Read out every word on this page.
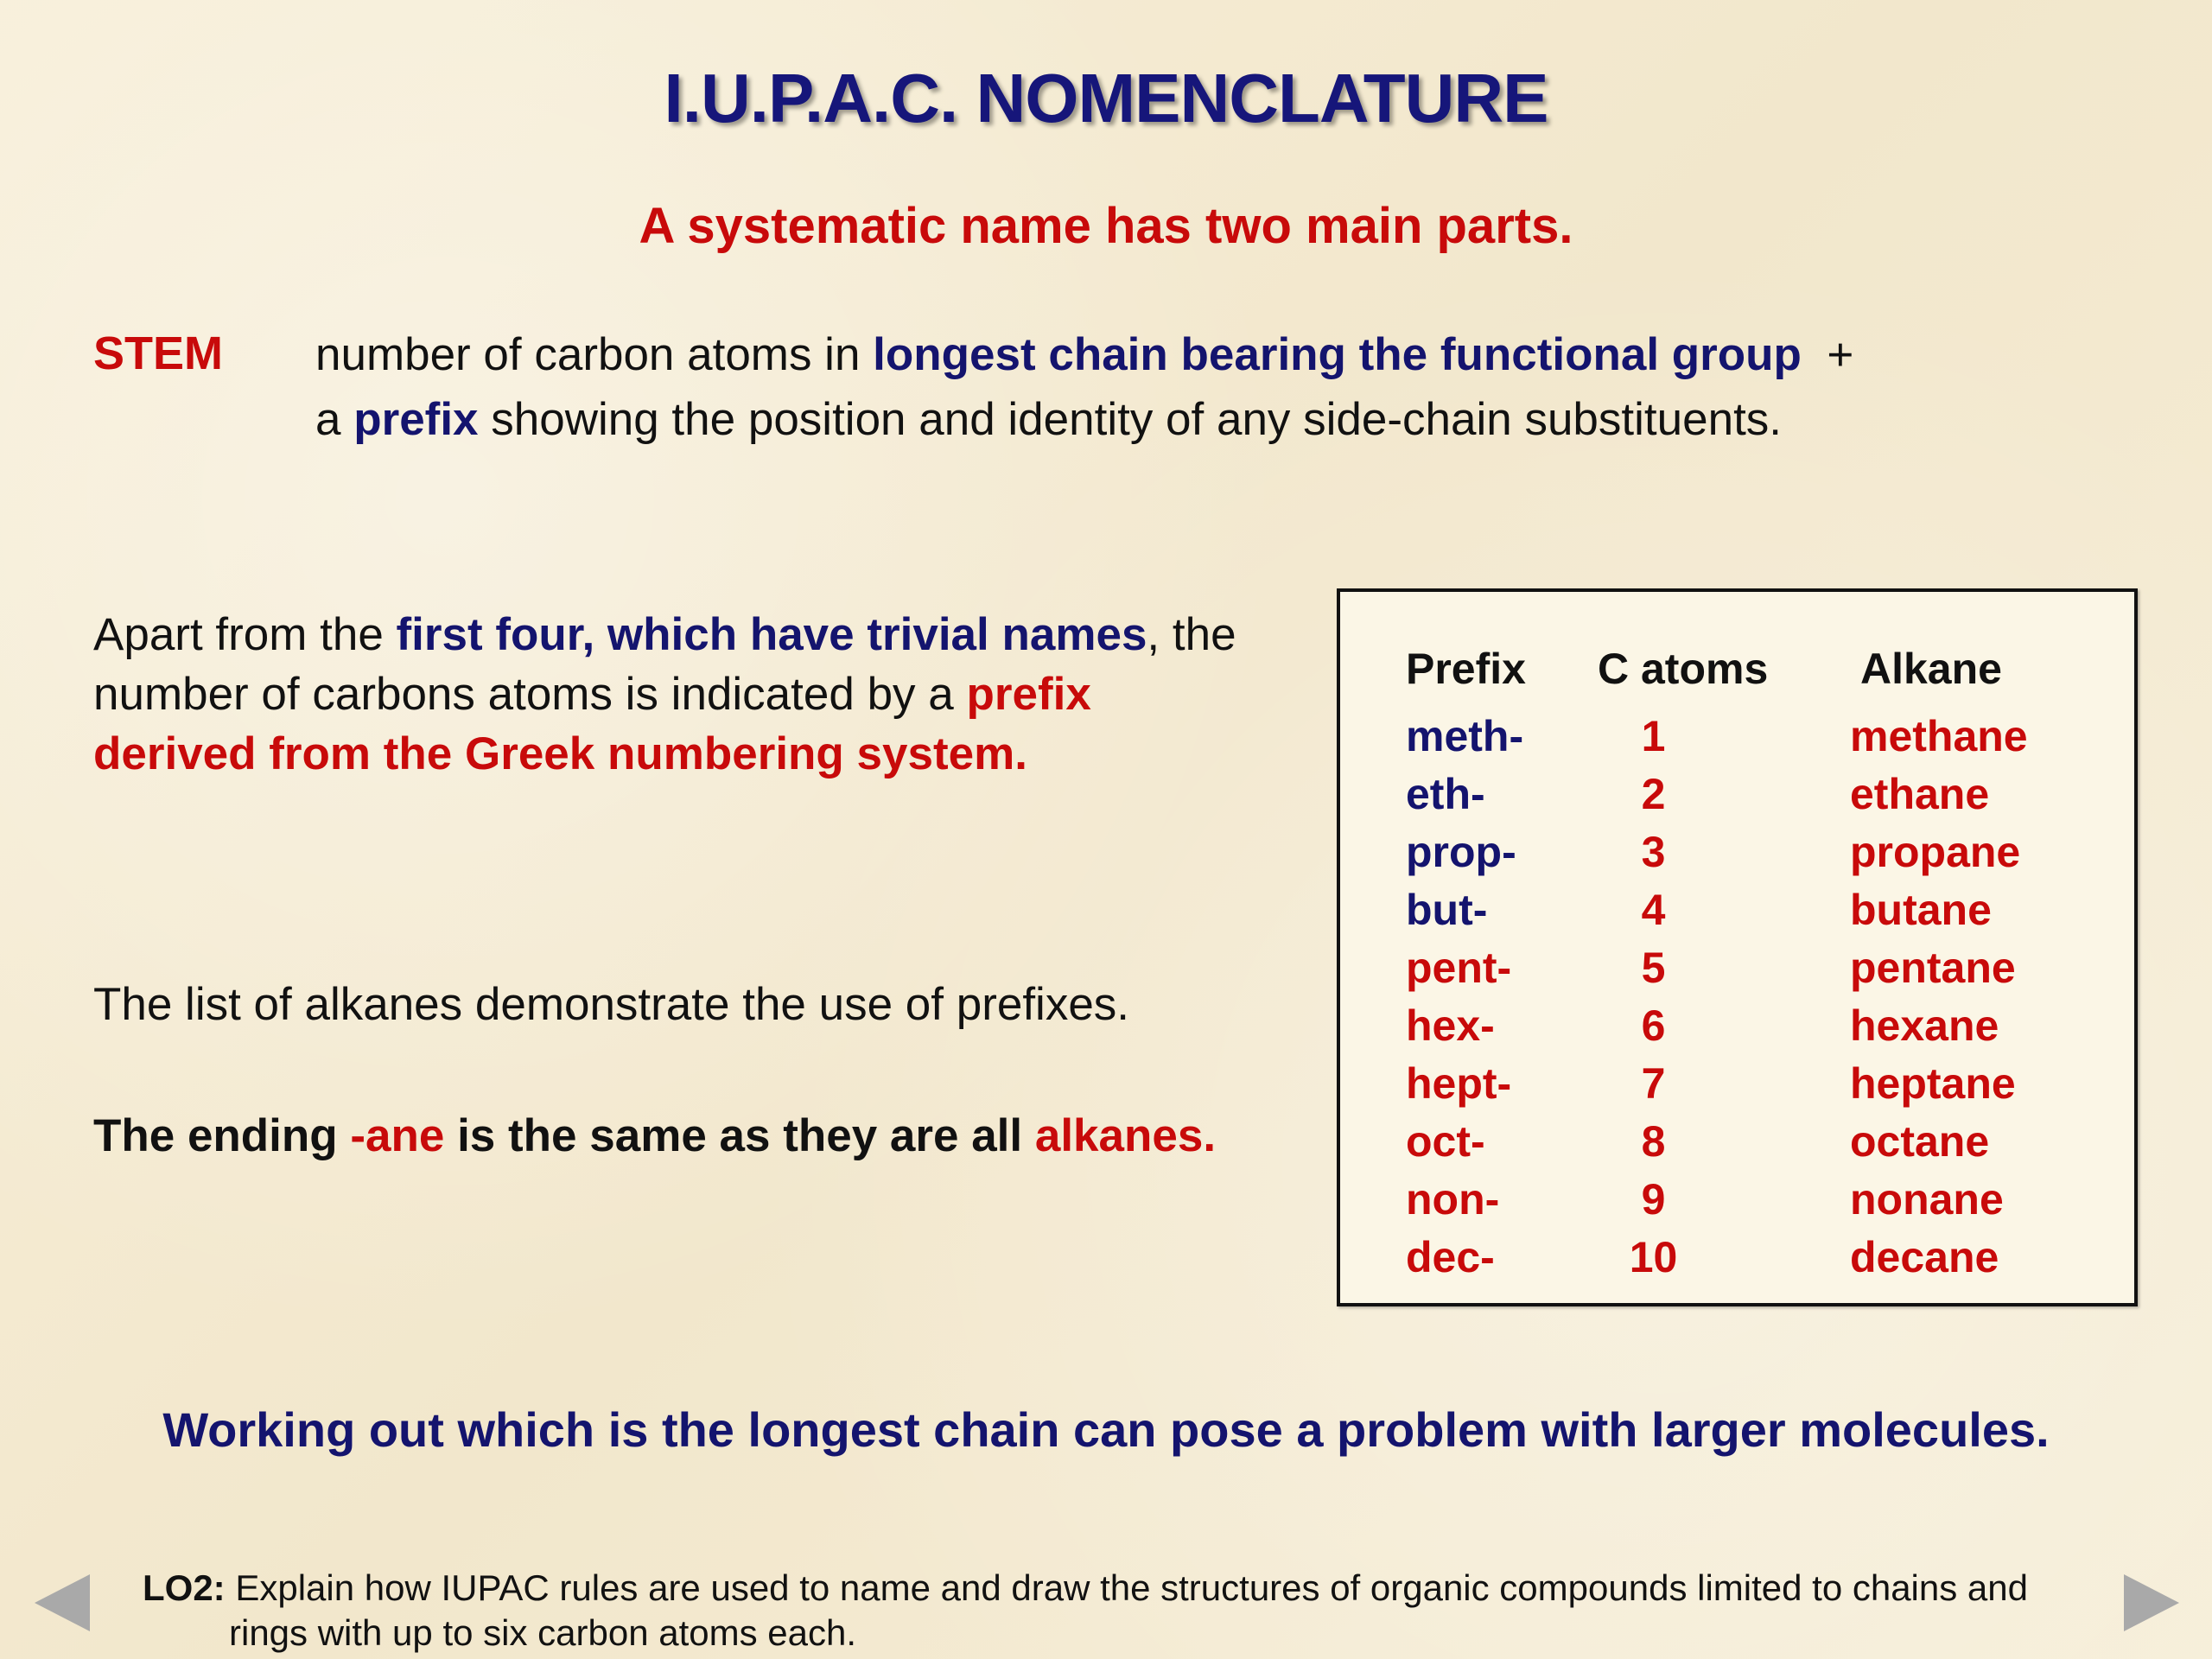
I.U.P.A.C. NOMENCLATURE
A systematic name has two main parts.
STEM number of carbon atoms in longest chain bearing the functional group  +
a prefix showing the position and identity of any side-chain substituents.
Apart from the first four, which have trivial names, the number of carbons atoms is indicated by a prefix derived from the Greek numbering system.
The list of alkanes demonstrate the use of prefixes.
The ending -ane is the same as they are all alkanes.
Prefix C atoms Alkane
meth-	1	methane
eth-	2	ethane
prop-	3	propane
but-	4	butane
pent-	5	pentane
hex-	6	hexane
hept-	7	heptane
oct-	8	octane
non-	9	nonane
dec-	10	decane
Working out which is the longest chain can pose a problem with larger molecules.
LO2: Explain how IUPAC rules are used to name and draw the structures of organic compounds limited to chains and
rings with up to six carbon atoms each.
